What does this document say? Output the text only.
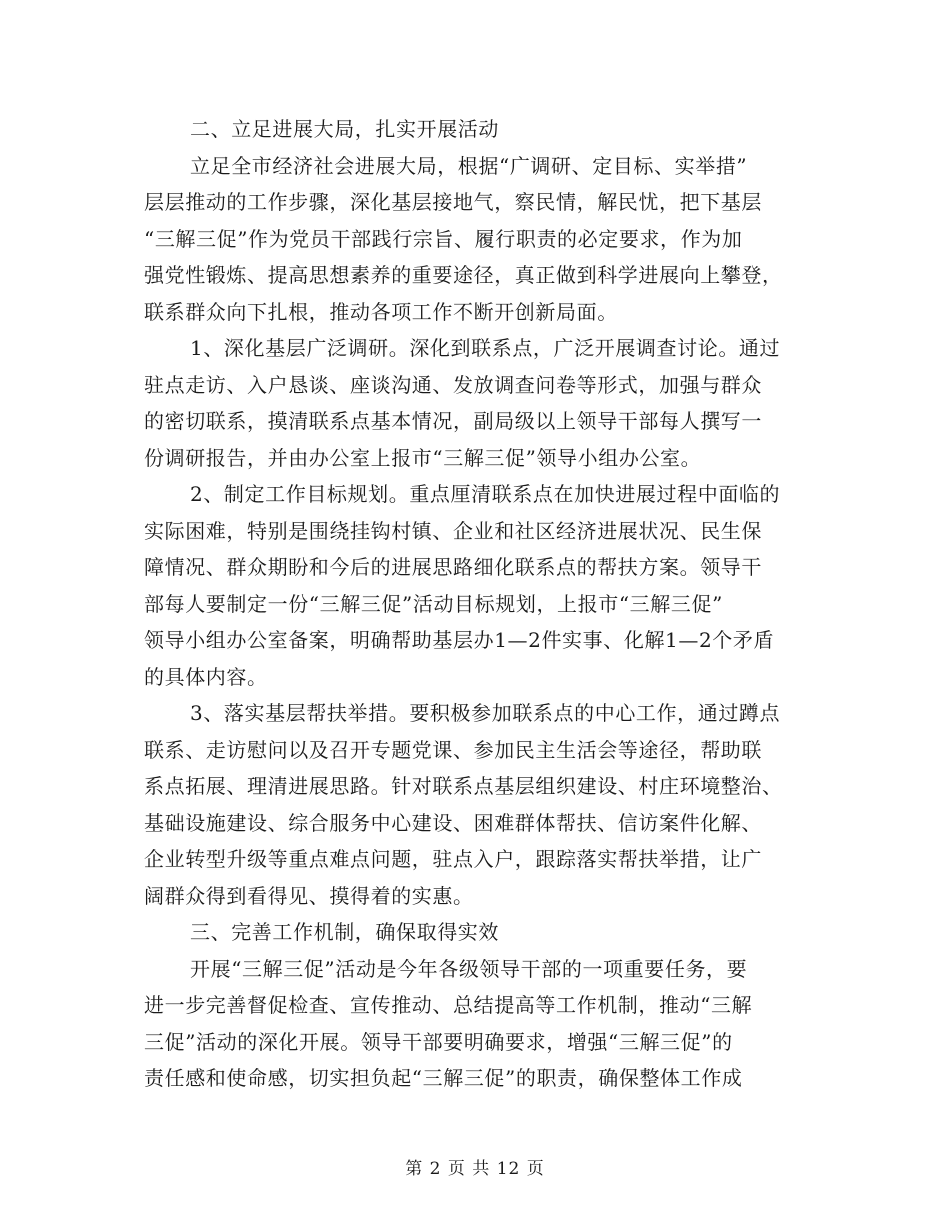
二、立足进展大局，扎实开展活动
立足全市经济社会进展大局，根据“广调研、定目标、实举措”
层层推动的工作步骤，深化基层接地气，察民情，解民忧，把下基层
“三解三促”作为党员干部践行宗旨、履行职责的必定要求，作为加
强党性锻炼、提高思想素养的重要途径，真正做到科学进展向上攀登，
联系群众向下扎根，推动各项工作不断开创新局面。
1、深化基层广泛调研。深化到联系点，广泛开展调查讨论。通过
驻点走访、入户恳谈、座谈沟通、发放调查问卷等形式，加强与群众
的密切联系，摸清联系点基本情况，副局级以上领导干部每人撰写一
份调研报告，并由办公室上报市“三解三促”领导小组办公室。
2、制定工作目标规划。重点厘清联系点在加快进展过程中面临的
实际困难，特别是围绕挂钩村镇、企业和社区经济进展状况、民生保
障情况、群众期盼和今后的进展思路细化联系点的帮扶方案。领导干
部每人要制定一份“三解三促”活动目标规划，上报市“三解三促”
领导小组办公室备案，明确帮助基层办1—2件实事、化解1—2个矛盾
的具体内容。
3、落实基层帮扶举措。要积极参加联系点的中心工作，通过蹲点
联系、走访慰问以及召开专题党课、参加民主生活会等途径，帮助联
系点拓展、理清进展思路。针对联系点基层组织建设、村庄环境整治、
基础设施建设、综合服务中心建设、困难群体帮扶、信访案件化解、
企业转型升级等重点难点问题，驻点入户，跟踪落实帮扶举措，让广
阔群众得到看得见、摸得着的实惠。
三、完善工作机制，确保取得实效
开展“三解三促”活动是今年各级领导干部的一项重要任务，要
进一步完善督促检查、宣传推动、总结提高等工作机制，推动“三解
三促”活动的深化开展。领导干部要明确要求，增强“三解三促”的
责任感和使命感，切实担负起“三解三促”的职责，确保整体工作成
第 2 页 共 12 页
